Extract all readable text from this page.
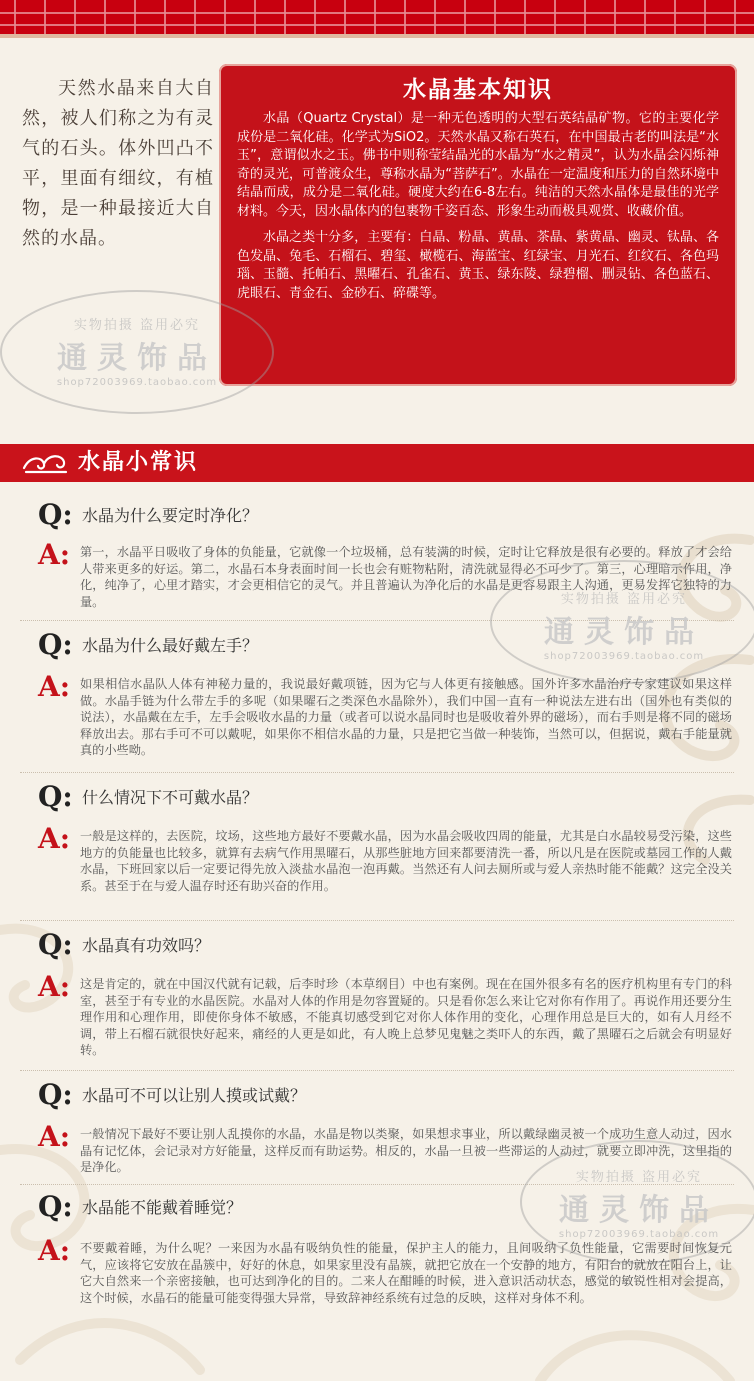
天然水晶来自大自然，被人们称之为有灵气的石头。体外凹凸不平，里面有细纹，有植物，是一种最接近大自然的水晶。
水晶基本知识

水晶（Quartz Crystal）是一种无色透明的大型石英结晶矿物。它的主要化学成份是二氧化硅。化学式为SiO2。天然水晶又称石英石，在中国最古老的叫法是“水玉”，意谓似水之玉。佛书中则称莹结晶光的水晶为“水之精灵”，认为水晶会闪烁神奇的灵光，可普渡众生，尊称水晶为“菩萨石”。水晶在一定温度和压力的自然环境中结晶而成，成分是二氧化硅。硬度大约在6-8左右。纯洁的天然水晶体是最佳的光学材料。今天，因水晶体内的包裹物千姿百态、形象生动而极具观赏、收藏价值。

水晶之类十分多，主要有：白晶、粉晶、黄晶、茶晶、紫黄晶、幽灵、钛晶、各色发晶、兔毛、石榴石、碧玺、橄榄石、海蓝宝、红绿宝、月光石、红纹石、各色玛瑙、玉髓、托帕石、黑曜石、孔雀石、黄玉、绿东陵、绿碧榴、删灵钻、各色蓝石、虎眼石、青金石、金砂石、碎碟等。

实物拍摄 盗用必究
通灵饰品
shop72003969.taobao.com
水晶小常识
Q: 水晶为什么要定时净化？
A: 第一，水晶平日吸收了身体的负能量，它就像一个垃圾桶，总有装满的时候，定时让它释放是很有必要的。释放了才会给人带来更多的好运。第二，水晶石本身表面时间一长也会有赃物粘附，清洗就显得必不可少了。第三，心理暗示作用，净化，纯净了，心里才踏实，才会更相信它的灵气。并且普遍认为净化后的水晶是更容易跟主人沟通，更易发挥它独特的力量。	实物拍摄 盗用必究
通灵饰品
shop72003969.taobao.com
Q: 水晶为什么最好戴左手？
A: 如果相信水晶队人体有神秘力量的，我说最好戴项链，因为它与人体更有接触感。国外许多水晶治疗专家建议如果这样做。水晶手链为什么带左手的多呢（如果曜石之类深色水晶除外），我们中国一直有一种说法左进右出（国外也有类似的说法），水晶戴在左手，左手会吸收水晶的力量（或者可以说水晶同时也是吸收着外界的磁场），而右手则是将不同的磁场释放出去。那右手可不可以戴呢，如果你不相信水晶的力量，只是把它当做一种装饰，当然可以，但据说，戴右手能量就真的小些呦。
Q: 什么情况下不可戴水晶？
A: 一般是这样的，去医院，坟场，这些地方最好不要戴水晶，因为水晶会吸收四周的能量，尤其是白水晶较易受污染，这些地方的负能量也比较多，就算有去病气作用黑曜石，从那些脏地方回来都要清洗一番，所以凡是在医院或墓园工作的人戴水晶，下班回家以后一定要记得先放入淡盐水晶泡一泡再戴。当然还有人问去厕所或与爱人亲热时能不能戴？这完全没关系。甚至于在与爱人温存时还有助兴奋的作用。
Q: 水晶真有功效吗？
A: 这是肯定的，就在中国汉代就有记载，后李时珍（本草纲目）中也有案例。现在在国外很多有名的医疗机构里有专门的科室，甚至于有专业的水晶医院。水晶对人体的作用是勿容置疑的。只是看你怎么来让它对你有作用了。再说作用还要分生理作用和心理作用，即使你身体不敏感，不能真切感受到它对你人体作用的变化，心理作用总是巨大的，如有人月经不调，带上石榴石就很快好起来，痛经的人更是如此，有人晚上总梦见鬼魅之类吓人的东西，戴了黑曜石之后就会有明显好转。
Q: 水晶可不可以让别人摸或试戴？
A: 一般情况下最好不要让别人乱摸你的水晶，水晶是物以类聚，如果想求事业，所以戴绿幽灵被一个成功生意人动过，因水晶有记忆体，会记录对方好能量，这样反而有助运势。相反的，水晶一旦被一些滞运的人动过，就要立即冲洗，这里指的是净化。
实物拍摄 盗用必究
通灵饰品
shop72003969.taobao.com
Q: 水晶能不能戴着睡觉？
A: 不要戴着睡，为什么呢？一来因为水晶有吸纳负性的能量，保护主人的能力，且间吸纳了负性能量，它需要时间恢复元气，应该将它安放在晶簇中，好好的休息，如果家里没有晶簇，就把它放在一个安静的地方，有阳台的就放在阳台上，让它大自然来一个亲密接触，也可达到净化的目的。二来人在酣睡的时候，进入意识活动状态，感觉的敏锐性相对会提高，这个时候，水晶石的能量可能变得强大异常，导致辞神经系统有过急的反映，这样对身体不利。
